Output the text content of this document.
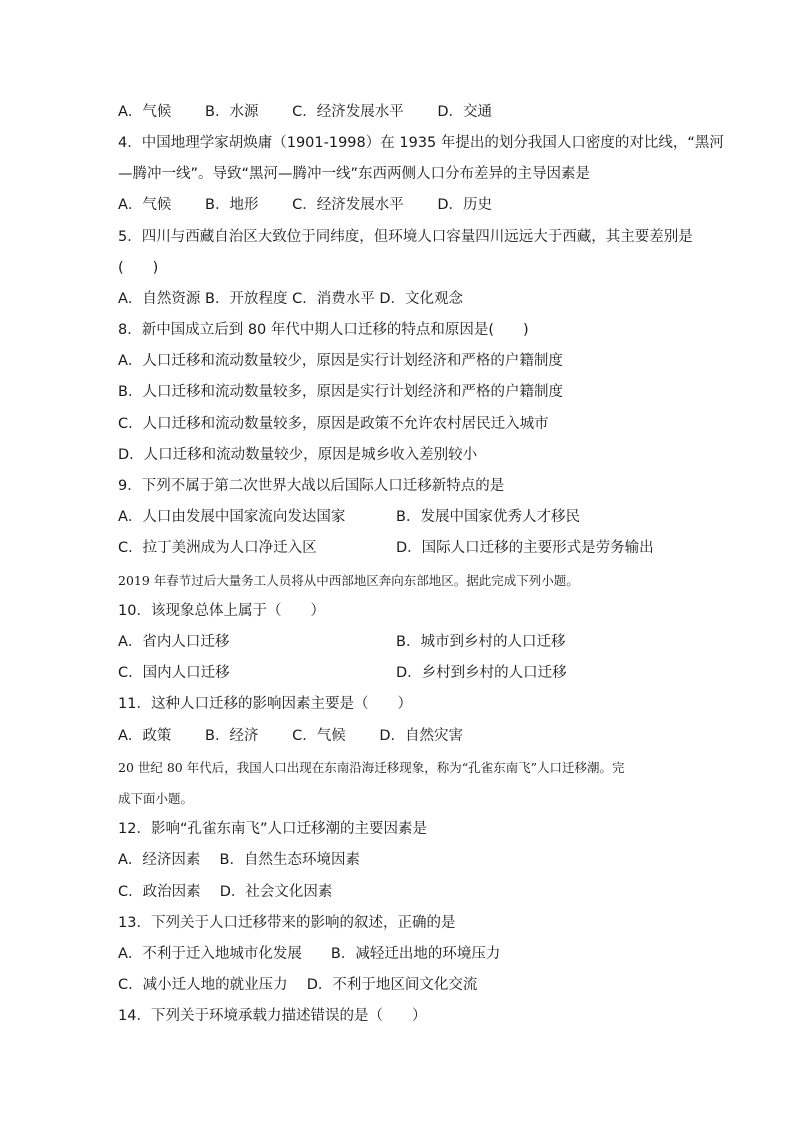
A．气候　　 B．水源　　 C．经济发展水平　　 D．交通
4．中国地理学家胡焕庸（1901-1998）在 1935 年提出的划分我国人口密度的对比线，“黑河
—腾冲一线”。导致“黑河—腾冲一线”东西两侧人口分布差异的主导因素是
A．气候　　 B．地形　　 C．经济发展水平　　 D．历史
5．四川与西藏自治区大致位于同纬度，但环境人口容量四川远远大于西藏，其主要差别是
(　　)
A．自然资源 B．开放程度 C．消费水平 D．文化观念
8．新中国成立后到 80 年代中期人口迁移的特点和原因是(　　)
A．人口迁移和流动数量较少，原因是实行计划经济和严格的户籍制度
B．人口迁移和流动数量较多，原因是实行计划经济和严格的户籍制度
C．人口迁移和流动数量较多，原因是政策不允许农村居民迁入城市
D．人口迁移和流动数量较少，原因是城乡收入差别较小
9．下列不属于第二次世界大战以后国际人口迁移新特点的是
A．人口由发展中国家流向发达国家	B．发展中国家优秀人才移民
C．拉丁美洲成为人口净迁入区	D．国际人口迁移的主要形式是劳务输出
2019 年春节过后大量务工人员将从中西部地区奔向东部地区。据此完成下列小题。
10．该现象总体上属于（　　）
A．省内人口迁移	B．城市到乡村的人口迁移
C．国内人口迁移	D．乡村到乡村的人口迁移
11．这种人口迁移的影响因素主要是（　　）
A．政策　　 B．经济　　 C．气候　　 D．自然灾害
20 世纪 80 年代后，我国人口出现在东南沿海迁移现象，称为“孔雀东南飞”人口迁移潮。完
成下面小题。
12．影响“孔雀东南飞”人口迁移潮的主要因素是
A．经济因素　 B．自然生态环境因素
C．政治因素　 D．社会文化因素
13．下列关于人口迁移带来的影响的叙述，正确的是
A．不利于迁入地城市化发展　　B．减轻迁出地的环境压力
C．减小迁人地的就业压力　 D．不利于地区间文化交流
14．下列关于环境承载力描述错误的是（　　）
